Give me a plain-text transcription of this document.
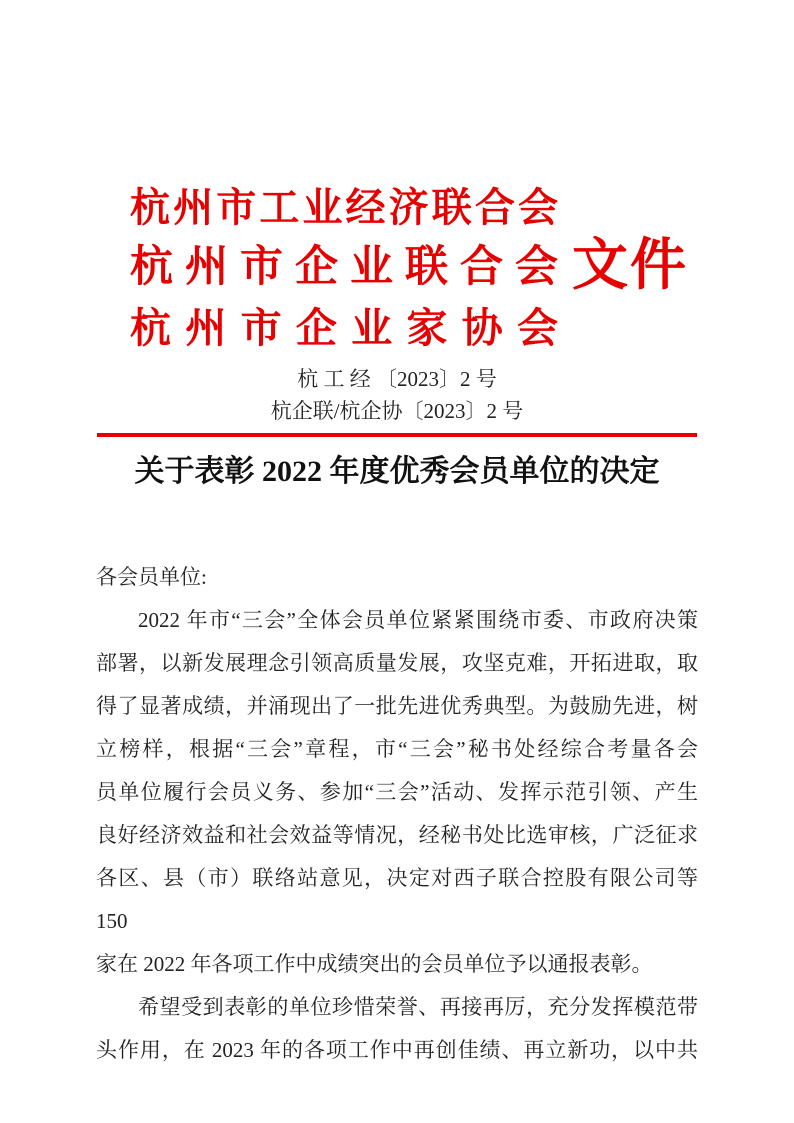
杭 州 市 工 业 经 济 联 合 会
杭 州 市 企 业 联 合 会
杭 州 市 企 业 家 协 会
文件
杭 工 经 〔2023〕2 号
杭企联/杭企协〔2023〕2 号
关于表彰 2022 年度优秀会员单位的决定
各会员单位:
2022 年市“三会”全体会员单位紧紧围绕市委、市政府决策
部署，以新发展理念引领高质量发展，攻坚克难，开拓进取，取
得了显著成绩，并涌现出了一批先进优秀典型。为鼓励先进，树
立榜样，根据“三会”章程，市“三会”秘书处经综合考量各会
员单位履行会员义务、参加“三会”活动、发挥示范引领、产生
良好经济效益和社会效益等情况，经秘书处比选审核，广泛征求
各区、县（市）联络站意见，决定对西子联合控股有限公司等 150
家在 2022 年各项工作中成绩突出的会员单位予以通报表彰。
希望受到表彰的单位珍惜荣誉、再接再厉，充分发挥模范带
头作用，在 2023 年的各项工作中再创佳绩、再立新功，以中共
